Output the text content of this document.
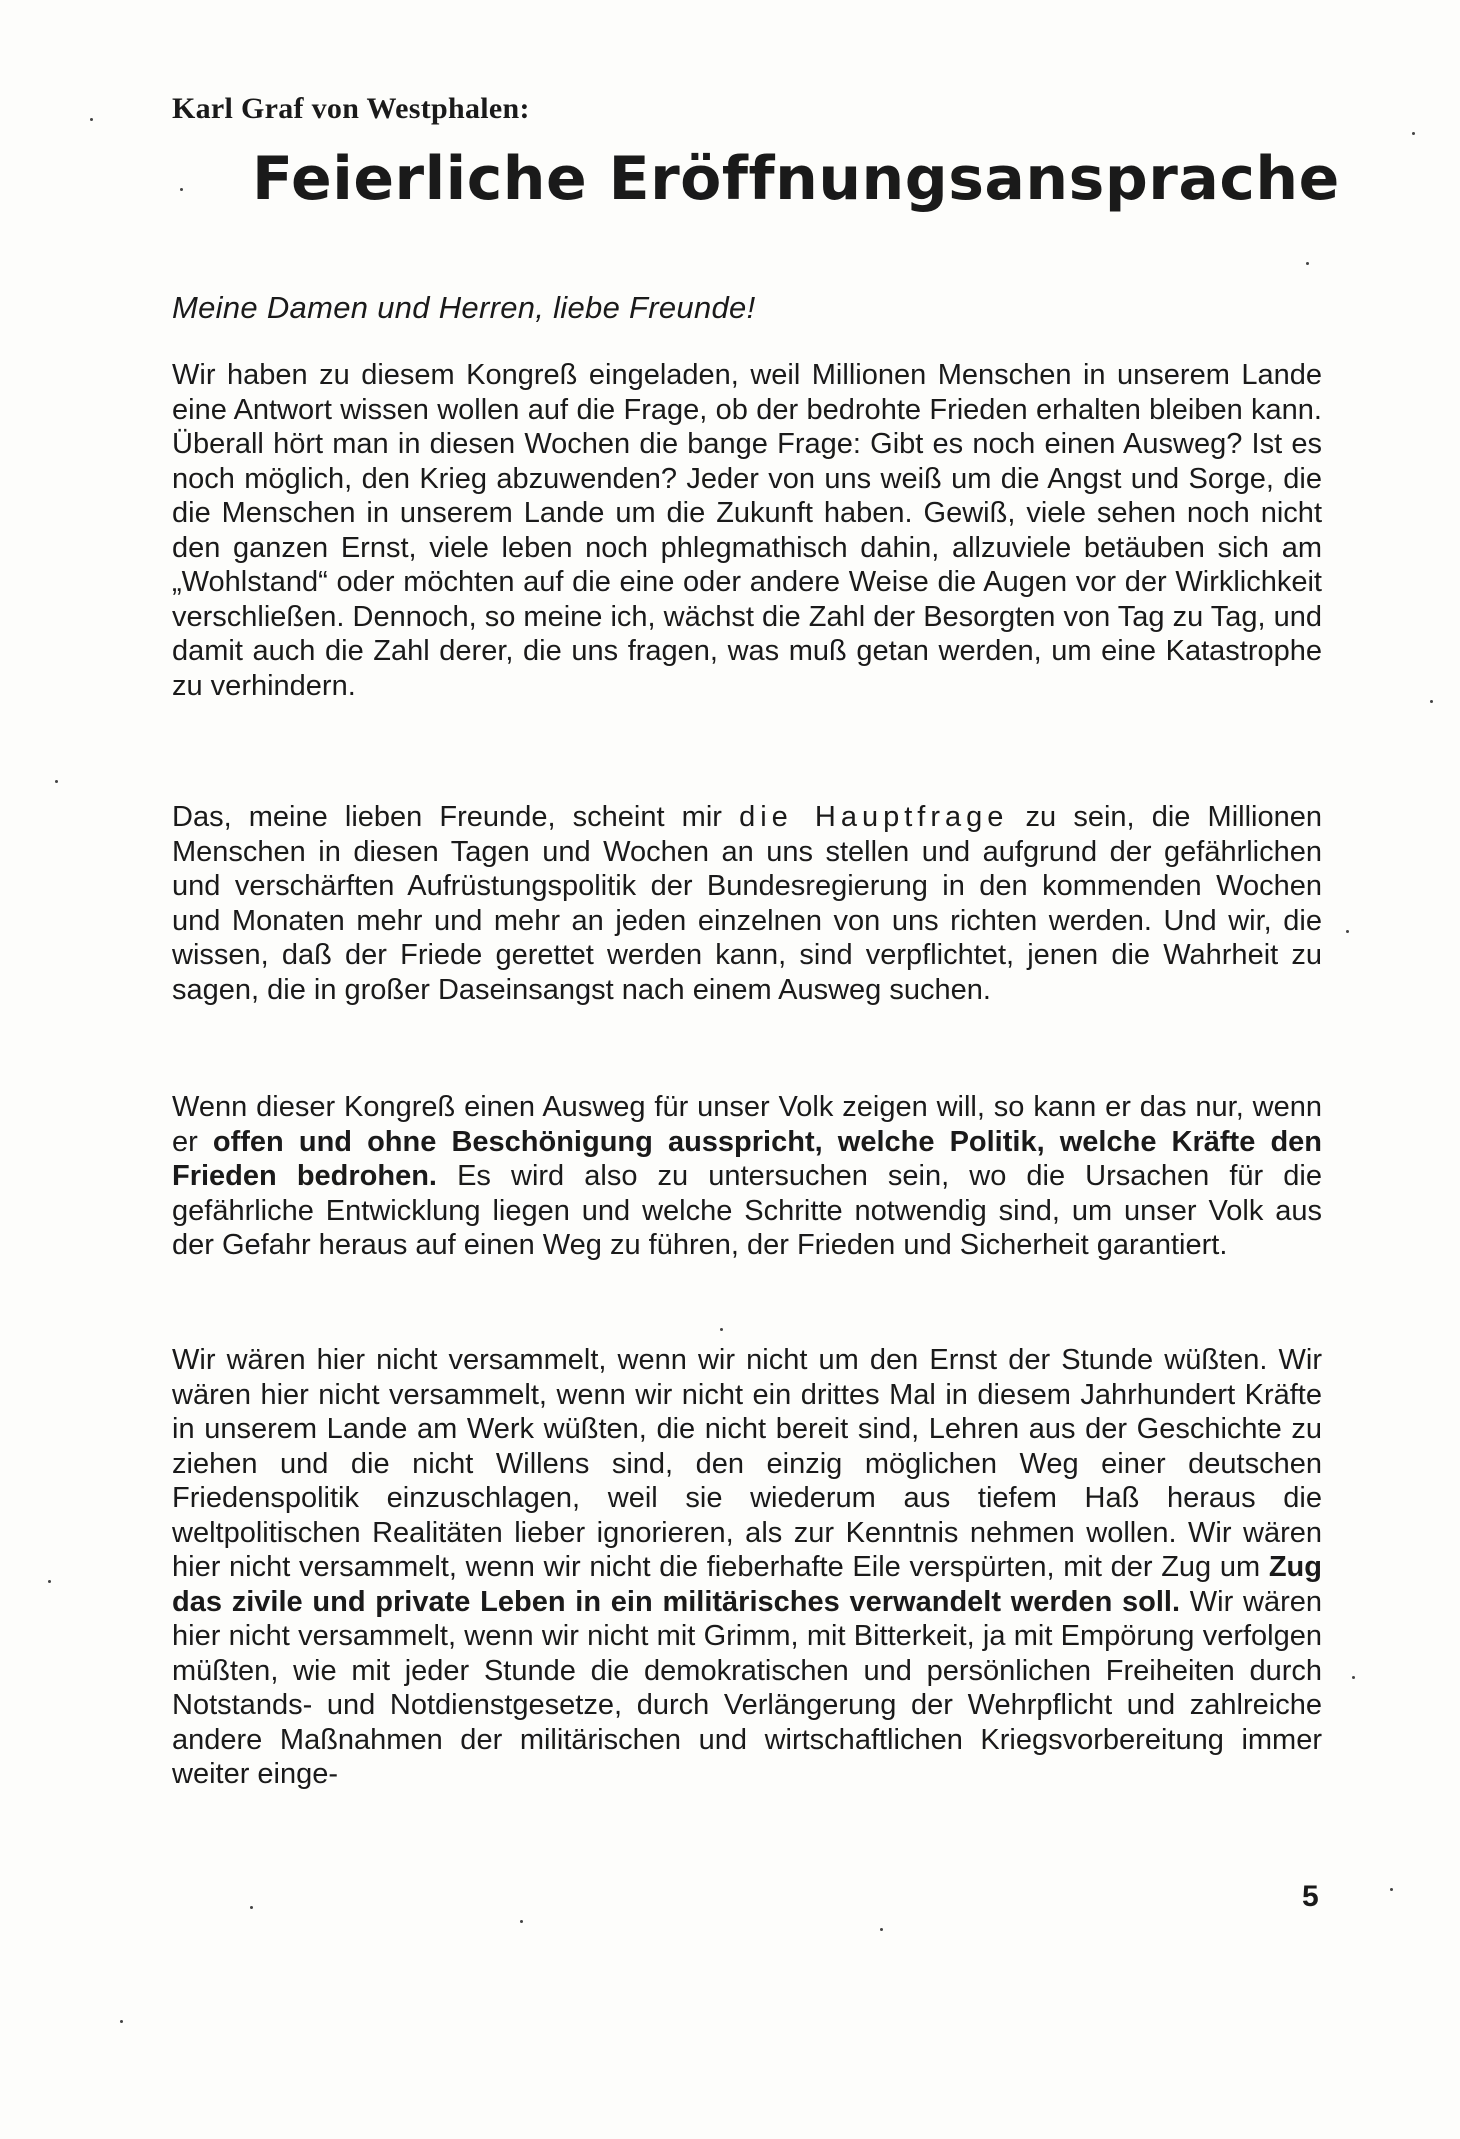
Karl Graf von Westphalen:
Feierliche Eröffnungsansprache
Meine Damen und Herren, liebe Freunde!

Wir haben zu diesem Kongreß eingeladen, weil Millionen Menschen in unserem Lande eine Antwort wissen wollen auf die Frage, ob der bedrohte Frieden erhalten bleiben kann. Überall hört man in diesen Wochen die bange Frage: Gibt es noch einen Ausweg? Ist es noch möglich, den Krieg abzuwenden? Jeder von uns weiß um die Angst und Sorge, die die Menschen in unserem Lande um die Zukunft haben. Gewiß, viele sehen noch nicht den ganzen Ernst, viele leben noch phlegmathisch dahin, allzuviele betäuben sich am „Wohlstand“ oder möchten auf die eine oder andere Weise die Augen vor der Wirklichkeit verschließen. Dennoch, so meine ich, wächst die Zahl der Besorgten von Tag zu Tag, und damit auch die Zahl derer, die uns fragen, was muß getan werden, um eine Katastrophe zu verhindern.

Das, meine lieben Freunde, scheint mir die Hauptfrage zu sein, die Millionen Menschen in diesen Tagen und Wochen an uns stellen und aufgrund der gefährlichen und verschärften Aufrüstungspolitik der Bundesregierung in den kommenden Wochen und Monaten mehr und mehr an jeden einzelnen von uns richten werden. Und wir, die wissen, daß der Friede gerettet werden kann, sind verpflichtet, jenen die Wahrheit zu sagen, die in großer Daseinsangst nach einem Ausweg suchen.

Wenn dieser Kongreß einen Ausweg für unser Volk zeigen will, so kann er das nur, wenn er offen und ohne Beschönigung ausspricht, welche Politik, welche Kräfte den Frieden bedrohen. Es wird also zu untersuchen sein, wo die Ursachen für die gefährliche Entwicklung liegen und welche Schritte notwendig sind, um unser Volk aus der Gefahr heraus auf einen Weg zu führen, der Frieden und Sicherheit garantiert.

Wir wären hier nicht versammelt, wenn wir nicht um den Ernst der Stunde wüßten. Wir wären hier nicht versammelt, wenn wir nicht ein drittes Mal in diesem Jahrhundert Kräfte in unserem Lande am Werk wüßten, die nicht bereit sind, Lehren aus der Geschichte zu ziehen und die nicht Willens sind, den einzig möglichen Weg einer deutschen Friedenspolitik einzuschlagen, weil sie wiederum aus tiefem Haß heraus die weltpolitischen Realitäten lieber ignorieren, als zur Kenntnis nehmen wollen. Wir wären hier nicht versammelt, wenn wir nicht die fieberhafte Eile verspürten, mit der Zug um Zug das zivile und private Leben in ein militärisches verwandelt werden soll. Wir wären hier nicht versammelt, wenn wir nicht mit Grimm, mit Bitterkeit, ja mit Empörung verfolgen müßten, wie mit jeder Stunde die demokratischen und persönlichen Freiheiten durch Notstands- und Notdienstgesetze, durch Verlängerung der Wehrpflicht und zahlreiche andere Maßnahmen der militärischen und wirtschaftlichen Kriegsvorbereitung immer weiter einge-

5
